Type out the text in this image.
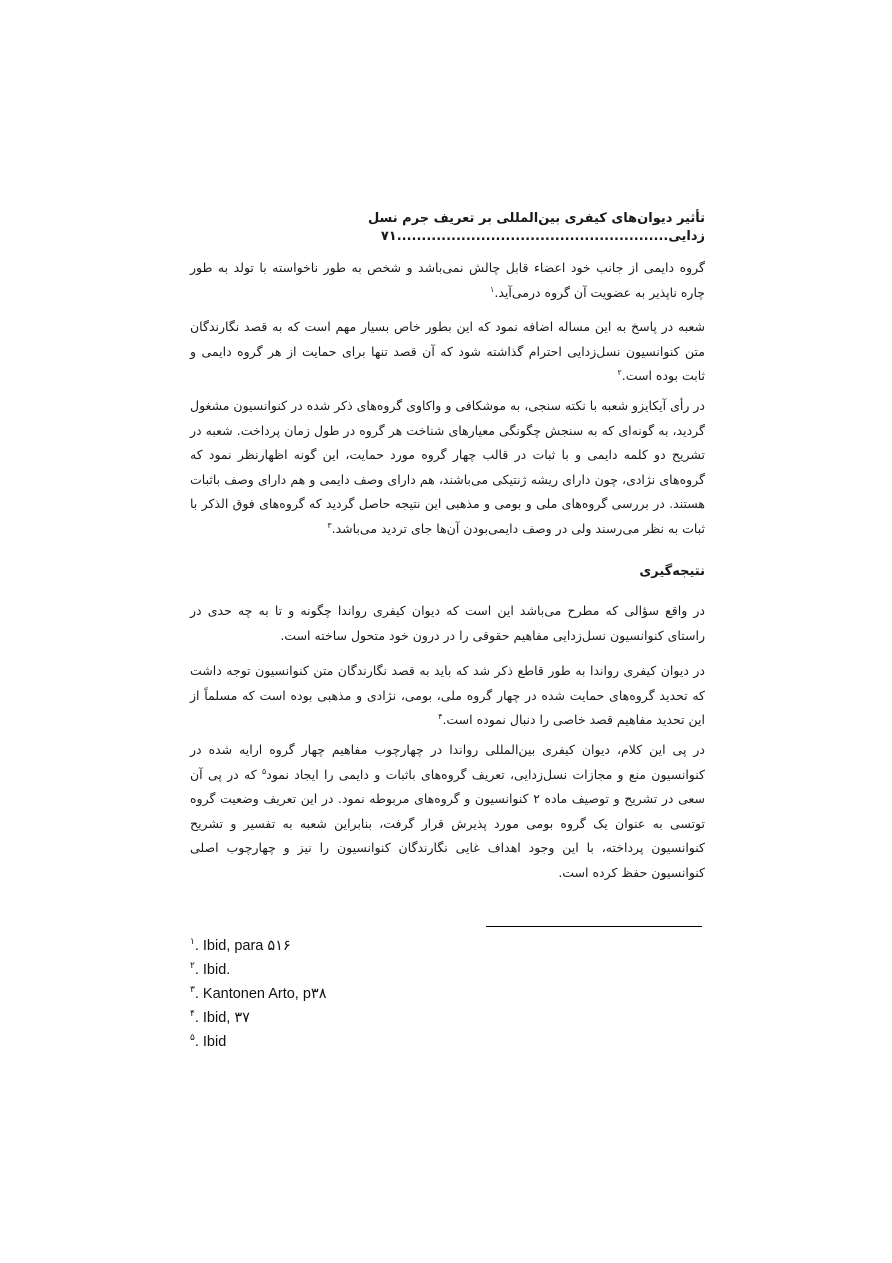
تأثیر دیوان‌های کیفری بین‌المللی بر تعریف جرم نسل
زدایی.......................................................۷۱

گروه دایمی از جانب خود اعضاء قابل چالش نمی‌باشد و شخص به طور ناخواسته با تولد به طور چاره ناپذیر به عضویت آن گروه درمی‌آید.$^۱$

شعبه در پاسخ به این مساله اضافه نمود که این بطور خاص بسیار مهم است که به قصد نگارندگان متن کنوانسیون نسل‌زدایی احترام گذاشته شود که آن قصد تنها برای حمایت از هر گروه دایمی و ثابت بوده است.$^۲$

در رأی آیکایزو شعبه با نکته سنجی، به موشکافی و واکاوی گروه‌های ذکر شده در کنوانسیون مشغول گردید، به گونه‌ای که به سنجش چگونگی معیارهای شناخت هر گروه در طول زمان پرداخت. شعبه در تشریح دو کلمه دایمی و با ثبات در قالب چهار گروه مورد حمایت، این گونه اظهارنظر نمود که گروه‌های نژادی، چون دارای ریشه ژنتیکی می‌باشند، هم دارای وصف دایمی و هم دارای وصف باثبات هستند. در بررسی گروه‌های ملی و بومی و مذهبی این نتیجه حاصل گردید که گروه‌های فوق الذکر با ثبات به نظر می‌رسند ولی در وصف دایمی‌بودن آن‌ها جای تردید می‌باشد.$^۳$

نتیجه‌گیری

در واقع سؤالی که مطرح می‌باشد این است که دیوان کیفری رواندا چگونه و تا به چه حدی در راستای کنوانسیون نسل‌زدایی مفاهیم حقوقی را در درون خود متحول ساخته است.

در دیوان کیفری رواندا به طور قاطع ذکر شد که باید به قصد نگارندگان متن کنوانسیون توجه داشت که تحدید گروه‌های حمایت شده در چهار گروه ملی، بومی، نژادی و مذهبی بوده است که مسلماً از این تحدید مفاهیم قصد خاصی را دنبال نموده است.$^۴$

در پی این کلام، دیوان کیفری بین‌المللی رواندا در چهارچوب مفاهیم چهار گروه ارایه شده در کنوانسیون منع و مجازات نسل‌زدایی، تعریف گروه‌های باثبات و دایمی را ایجاد نمود$^۵$ که در پی آن سعی در تشریح و توصیف ماده ۲ کنوانسیون و گروه‌های مربوطه نمود. در این تعریف وضعیت گروه توتسی به عنوان یک گروه بومی مورد پذیرش قرار گرفت، بنابراین شعبه به تفسیر و تشریح کنوانسیون پرداخته، با این وجود اهداف غایی نگارندگان کنوانسیون را نیز و چهارچوب اصلی کنوانسیون حفظ کرده است.

$^۱$. Ibid, para ۵۱۶
$^۲$. Ibid.
$^۳$. Kantonen Arto, p۳۸
$^۴$. Ibid, ۳۷
$^۵$. Ibid
